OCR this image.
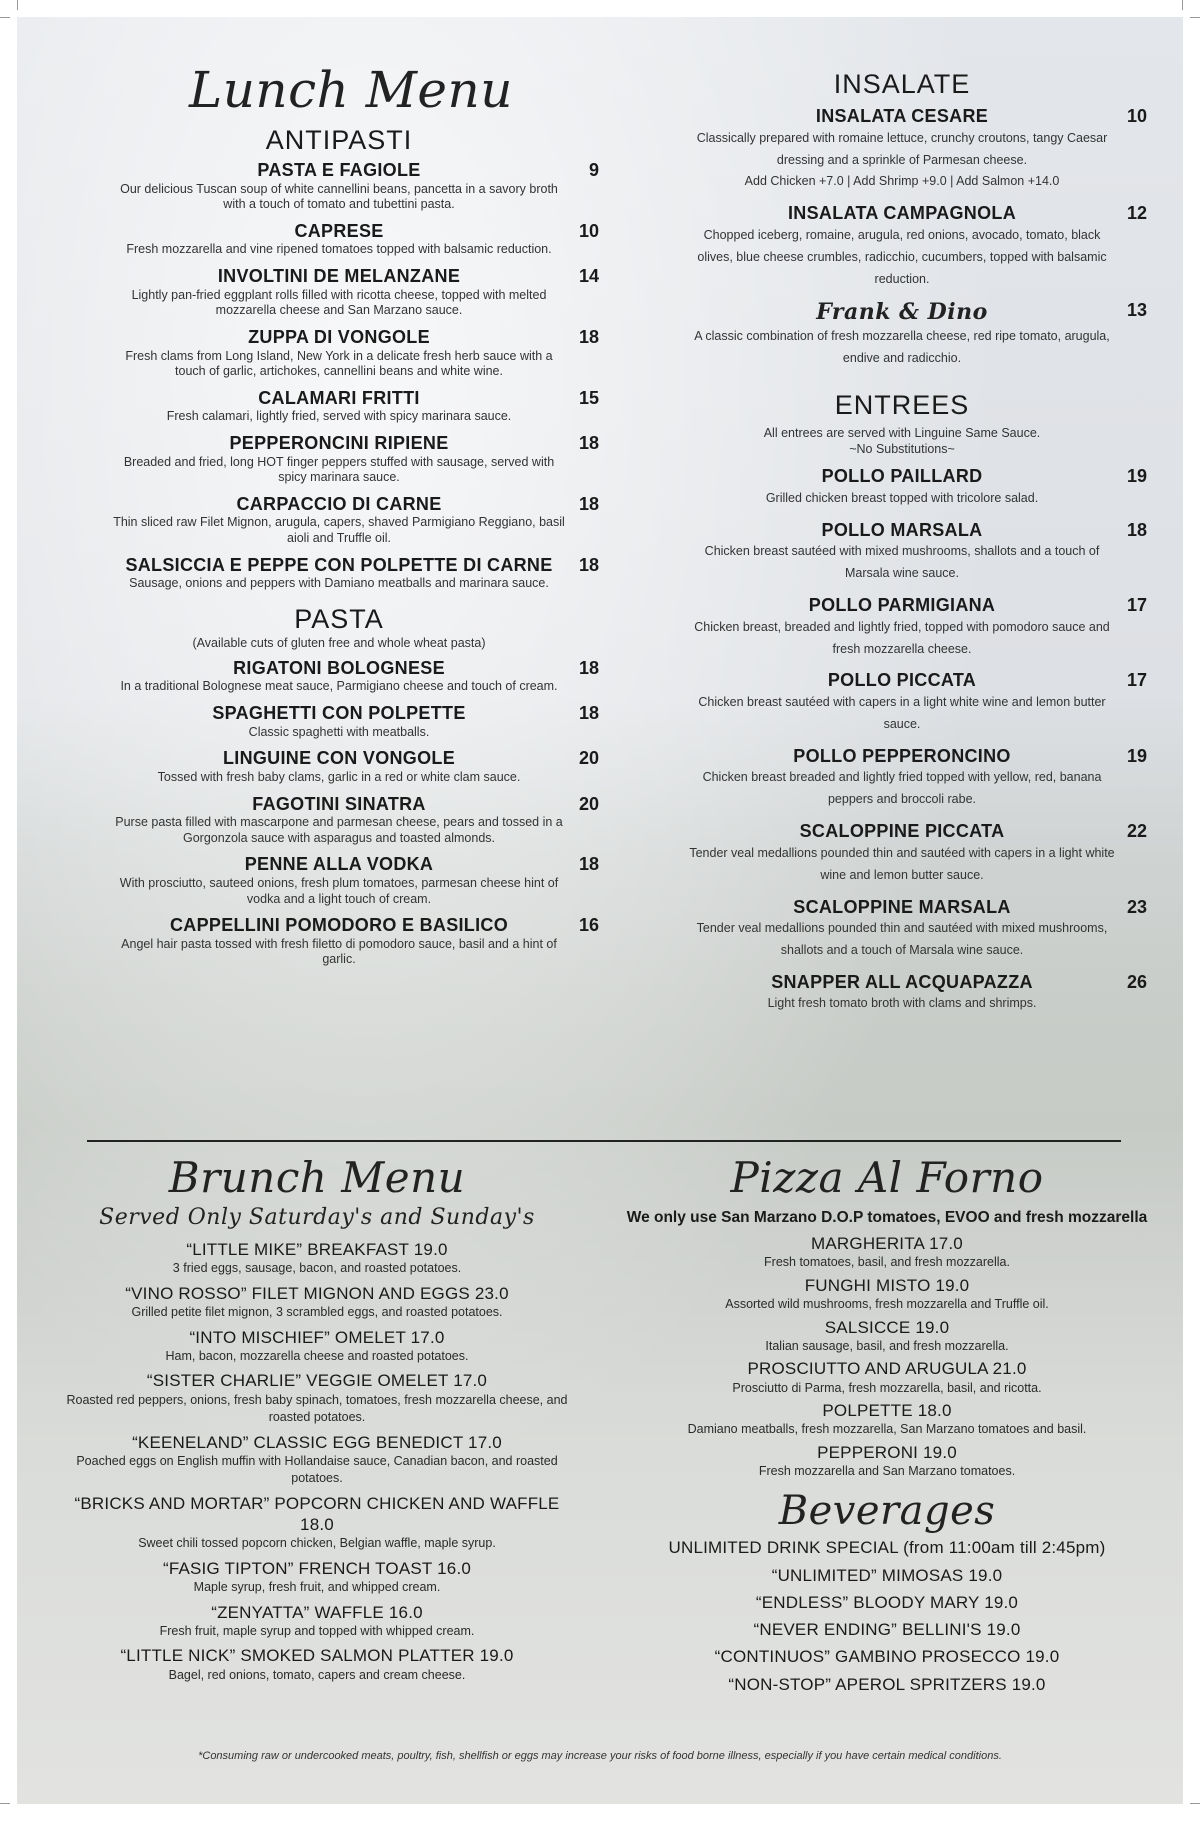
Lunch Menu
ANTIPASTI
PASTA E FAGIOLE	9
Our delicious Tuscan soup of white cannellini beans, pancetta in a savory broth with a touch of tomato and tubettini pasta.
CAPRESE	10
Fresh mozzarella and vine ripened tomatoes topped with balsamic reduction.
INVOLTINI DE MELANZANE	14
Lightly pan-fried eggplant rolls filled with ricotta cheese, topped with melted mozzarella cheese and San Marzano sauce.
ZUPPA DI VONGOLE	18
Fresh clams from Long Island, New York in a delicate fresh herb sauce with a touch of garlic, artichokes, cannellini beans and white wine.
CALAMARI FRITTI	15
Fresh calamari, lightly fried, served with spicy marinara sauce.
PEPPERONCINI RIPIENE	18
Breaded and fried, long HOT finger peppers stuffed with sausage, served with spicy marinara sauce.
CARPACCIO DI CARNE	18
Thin sliced raw Filet Mignon, arugula, capers, shaved Parmigiano Reggiano, basil aioli and Truffle oil.
SALSICCIA E PEPPE CON POLPETTE DI CARNE	18
Sausage, onions and peppers with Damiano meatballs and marinara sauce.
PASTA
(Available cuts of gluten free and whole wheat pasta)
RIGATONI BOLOGNESE	18
In a traditional Bolognese meat sauce, Parmigiano cheese and touch of cream.
SPAGHETTI CON POLPETTE	18
Classic spaghetti with meatballs.
LINGUINE CON VONGOLE	20
Tossed with fresh baby clams, garlic in a red or white clam sauce.
FAGOTINI SINATRA	20
Purse pasta filled with mascarpone and parmesan cheese, pears and tossed in a Gorgonzola sauce with asparagus and toasted almonds.
PENNE ALLA VODKA	18
With prosciutto, sauteed onions, fresh plum tomatoes, parmesan cheese hint of vodka and a light touch of cream.
CAPPELLINI POMODORO E BASILICO	16
Angel hair pasta tossed with fresh filetto di pomodoro sauce, basil and a hint of garlic.
INSALATE
INSALATA CESARE	10
Classically prepared with romaine lettuce, crunchy croutons, tangy Caesar dressing and a sprinkle of Parmesan cheese.
Add Chicken +7.0 | Add Shrimp +9.0 | Add Salmon +14.0
INSALATA CAMPAGNOLA	12
Chopped iceberg, romaine, arugula, red onions, avocado, tomato, black olives, blue cheese crumbles, radicchio, cucumbers, topped with balsamic reduction.
Frank & Dino	13
A classic combination of fresh mozzarella cheese, red ripe tomato, arugula, endive and radicchio.
ENTREES
All entrees are served with Linguine Same Sauce.
~No Substitutions~
POLLO PAILLARD	19
Grilled chicken breast topped with tricolore salad.
POLLO MARSALA	18
Chicken breast sautéed with mixed mushrooms, shallots and a touch of Marsala wine sauce.
POLLO PARMIGIANA	17
Chicken breast, breaded and lightly fried, topped with pomodoro sauce and fresh mozzarella cheese.
POLLO PICCATA	17
Chicken breast sautéed with capers in a light white wine and lemon butter sauce.
POLLO PEPPERONCINO	19
Chicken breast breaded and lightly fried topped with yellow, red, banana peppers and broccoli rabe.
SCALOPPINE PICCATA	22
Tender veal medallions pounded thin and sautéed with capers in a light white wine and lemon butter sauce.
SCALOPPINE MARSALA	23
Tender veal medallions pounded thin and sautéed with mixed mushrooms, shallots and a touch of Marsala wine sauce.
SNAPPER ALL ACQUAPAZZA	26
Light fresh tomato broth with clams and shrimps.
Brunch Menu
Served Only Saturday's and Sunday's
“LITTLE MIKE” BREAKFAST 19.0
3 fried eggs, sausage, bacon, and roasted potatoes.
“VINO ROSSO” FILET MIGNON AND EGGS 23.0
Grilled petite filet mignon, 3 scrambled eggs, and roasted potatoes.
“INTO MISCHIEF” OMELET 17.0
Ham, bacon, mozzarella cheese and roasted potatoes.
“SISTER CHARLIE” VEGGIE OMELET 17.0
Roasted red peppers, onions, fresh baby spinach, tomatoes, fresh mozzarella cheese, and roasted potatoes.
“KEENELAND” CLASSIC EGG BENEDICT 17.0
Poached eggs on English muffin with Hollandaise sauce, Canadian bacon, and roasted potatoes.
“BRICKS AND MORTAR” POPCORN CHICKEN AND WAFFLE 18.0
Sweet chili tossed popcorn chicken, Belgian waffle, maple syrup.
“FASIG TIPTON” FRENCH TOAST 16.0
Maple syrup, fresh fruit, and whipped cream.
“ZENYATTA” WAFFLE 16.0
Fresh fruit, maple syrup and topped with whipped cream.
“LITTLE NICK” SMOKED SALMON PLATTER 19.0
Bagel, red onions, tomato, capers and cream cheese.
Pizza Al Forno
We only use San Marzano D.O.P tomatoes, EVOO and fresh mozzarella
MARGHERITA 17.0
Fresh tomatoes, basil, and fresh mozzarella.
FUNGHI MISTO 19.0
Assorted wild mushrooms, fresh mozzarella and Truffle oil.
SALSICCE 19.0
Italian sausage, basil, and fresh mozzarella.
PROSCIUTTO AND ARUGULA 21.0
Prosciutto di Parma, fresh mozzarella, basil, and ricotta.
POLPETTE 18.0
Damiano meatballs, fresh mozzarella, San Marzano tomatoes and basil.
PEPPERONI 19.0
Fresh mozzarella and San Marzano tomatoes.
Beverages
UNLIMITED DRINK SPECIAL (from 11:00am till 2:45pm)
“UNLIMITED” MIMOSAS 19.0
“ENDLESS” BLOODY MARY 19.0
“NEVER ENDING” BELLINI'S 19.0
“CONTINUOS” GAMBINO PROSECCO 19.0
“NON-STOP” APEROL SPRITZERS 19.0
*Consuming raw or undercooked meats, poultry, fish, shellfish or eggs may increase your risks of food borne illness, especially if you have certain medical conditions.
